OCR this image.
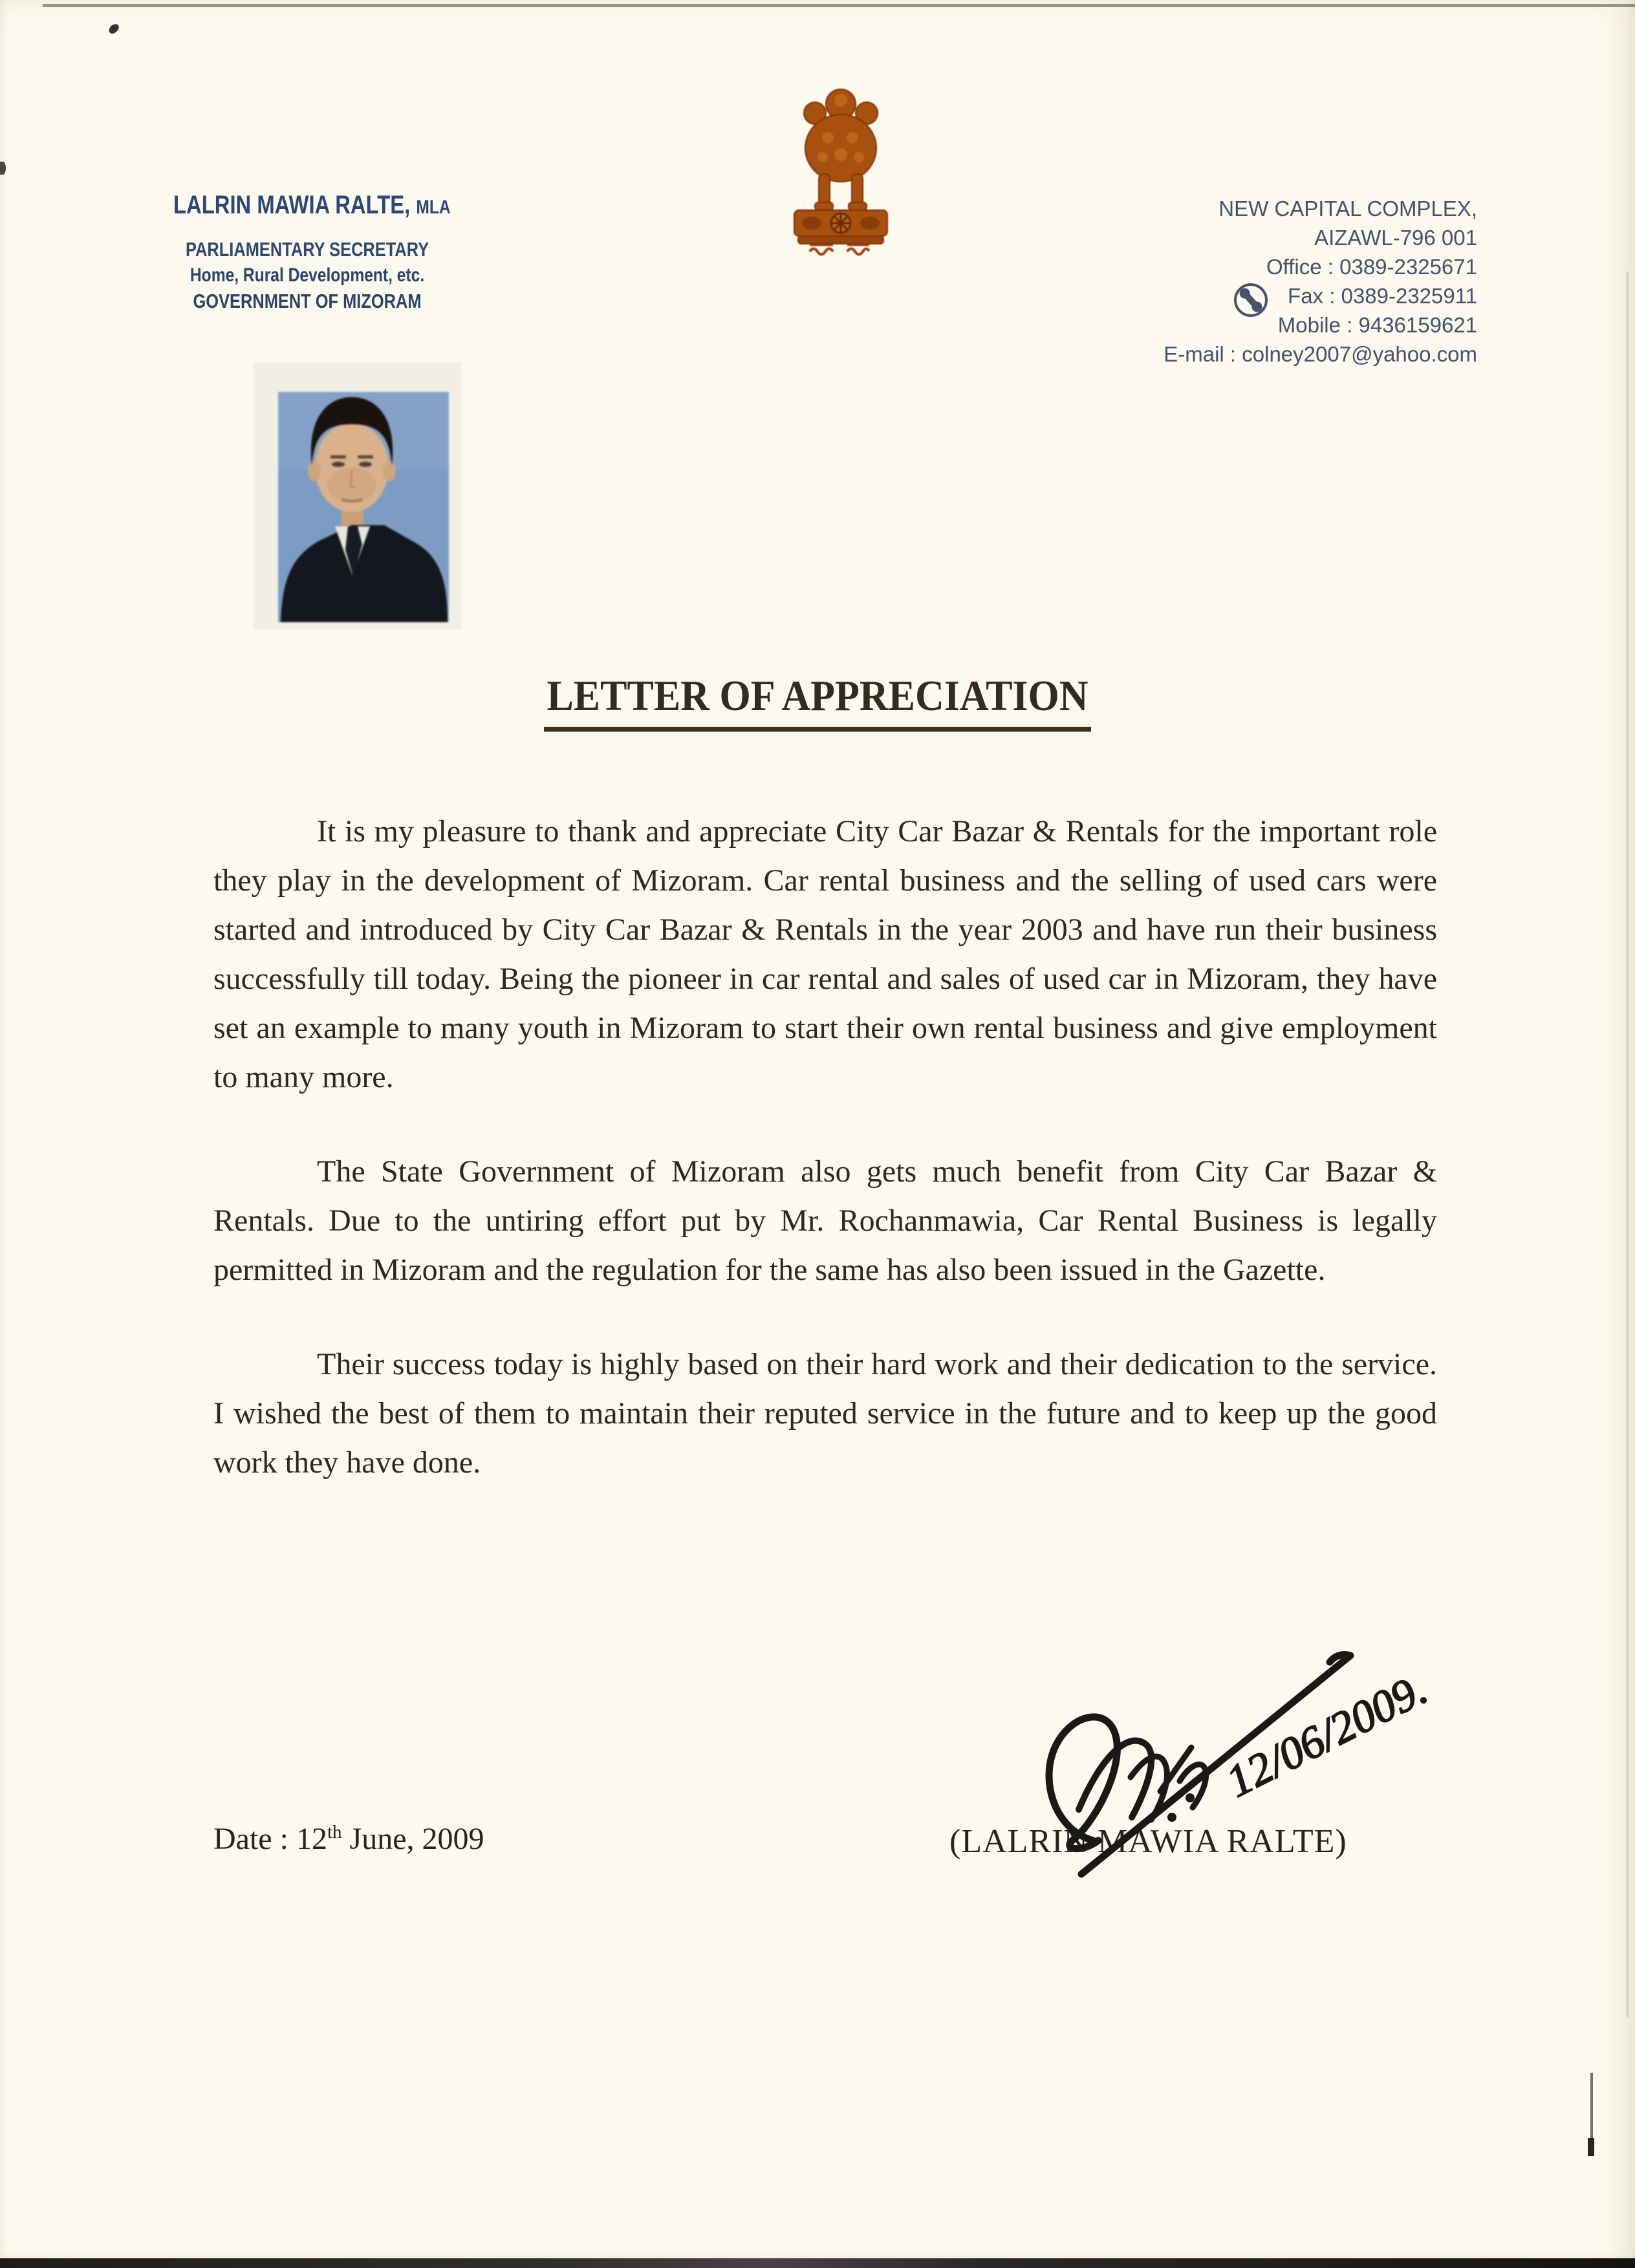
LALRIN MAWIA RALTE, MLA
PARLIAMENTARY SECRETARY
Home, Rural Development, etc.
GOVERNMENT OF MIZORAM
NEW CAPITAL COMPLEX,
AIZAWL-796 001
Office : 0389-2325671
Fax : 0389-2325911
Mobile : 9436159621
E-mail : colney2007@yahoo.com
LETTER OF APPRECIATION

It is my pleasure to thank and appreciate City Car Bazar & Rentals for the important role they play in the development of Mizoram. Car rental business and the selling of used cars were started and introduced by City Car Bazar & Rentals in the year 2003 and have run their business successfully till today. Being the pioneer in car rental and sales of used car in Mizoram, they have set an example to many youth in Mizoram to start their own rental business and give employment to many more.

The State Government of Mizoram also gets much benefit from City Car Bazar & Rentals. Due to the untiring effort put by Mr. Rochanmawia, Car Rental Business is legally permitted in Mizoram and the regulation for the same has also been issued in the Gazette.

Their success today is highly based on their hard work and their dedication to the service. I wished the best of them to maintain their reputed service in the future and to keep up the good work they have done.

Date : 12th June, 2009	(LALRIN MAWIA RALTE)
12/06/2009.
